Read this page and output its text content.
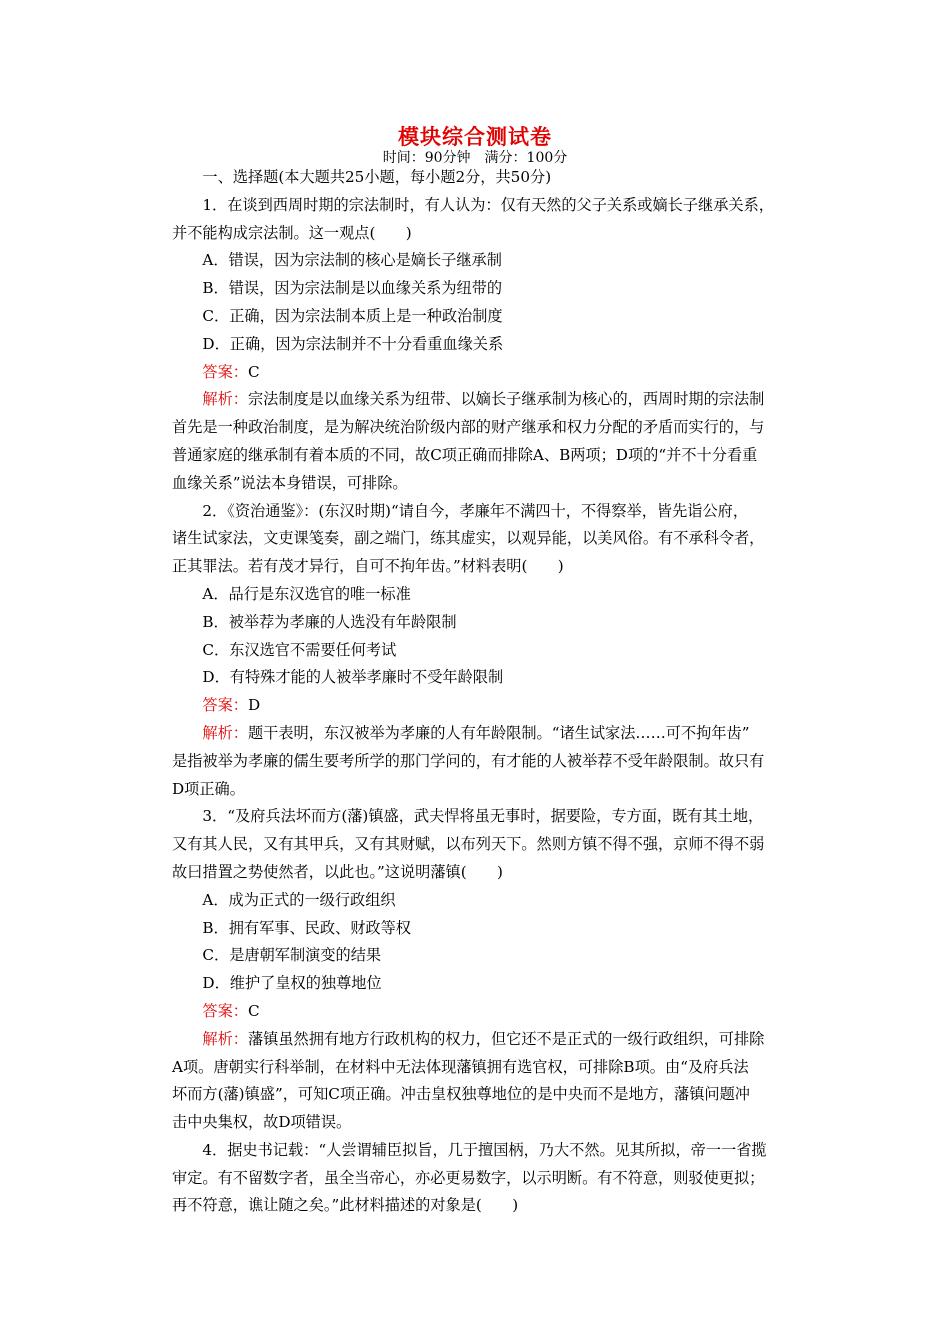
模块综合测试卷
时间：90分钟　满分：100分
一、选择题(本大题共25小题，每小题2分，共50分)
1．在谈到西周时期的宗法制时，有人认为：仅有天然的父子关系或嫡长子继承关系，
并不能构成宗法制。这一观点(　　)
A．错误，因为宗法制的核心是嫡长子继承制
B．错误，因为宗法制是以血缘关系为纽带的
C．正确，因为宗法制本质上是一种政治制度
D．正确，因为宗法制并不十分看重血缘关系
答案：C
解析：宗法制度是以血缘关系为纽带、以嫡长子继承制为核心的，西周时期的宗法制
首先是一种政治制度，是为解决统治阶级内部的财产继承和权力分配的矛盾而实行的，与
普通家庭的继承制有着本质的不同，故C项正确而排除A、B两项；D项的“并不十分看重
血缘关系”说法本身错误，可排除。
2．《资治通鉴》：(东汉时期)“请自今，孝廉年不满四十，不得察举，皆先诣公府，
诸生试家法，文吏课笺奏，副之端门，练其虚实，以观异能，以美风俗。有不承科令者，
正其罪法。若有茂才异行，自可不拘年齿。”材料表明(　　)
A．品行是东汉选官的唯一标准
B．被举荐为孝廉的人选没有年龄限制
C．东汉选官不需要任何考试
D．有特殊才能的人被举孝廉时不受年龄限制
答案：D
解析：题干表明，东汉被举为孝廉的人有年龄限制。“诸生试家法……可不拘年齿”
是指被举为孝廉的儒生要考所学的那门学问的，有才能的人被举荐不受年龄限制。故只有
D项正确。
3．“及府兵法坏而方(藩)镇盛，武夫悍将虽无事时，据要险，专方面，既有其土地，
又有其人民，又有其甲兵，又有其财赋，以布列天下。然则方镇不得不强，京师不得不弱
故曰措置之势使然者，以此也。”这说明藩镇(　　)
A．成为正式的一级行政组织
B．拥有军事、民政、财政等权
C．是唐朝军制演变的结果
D．维护了皇权的独尊地位
答案：C
解析：藩镇虽然拥有地方行政机构的权力，但它还不是正式的一级行政组织，可排除
A项。唐朝实行科举制，在材料中无法体现藩镇拥有选官权，可排除B项。由“及府兵法
坏而方(藩)镇盛”，可知C项正确。冲击皇权独尊地位的是中央而不是地方，藩镇问题冲
击中央集权，故D项错误。
4．据史书记载：“人尝谓辅臣拟旨，几于擅国柄，乃大不然。见其所拟，帝一一省揽
审定。有不留数字者，虽全当帝心，亦必更易数字，以示明断。有不符意，则驳使更拟；
再不符意，谯让随之矣。”此材料描述的对象是(　　)
